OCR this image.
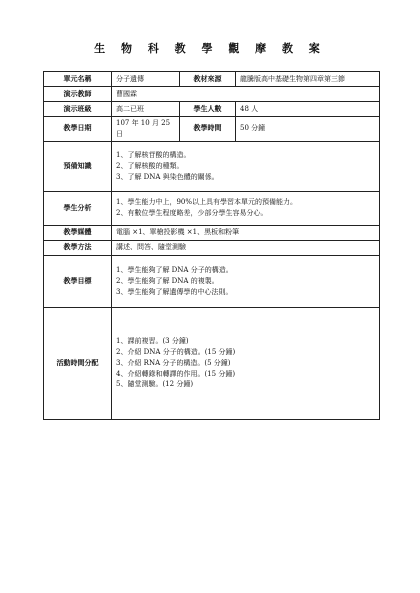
生 物 科 教 學 觀 摩 教 案
單元名稱	分子遺傳	教材來源	龍騰版高中基礎生物第四章第三節
演示教師	曹國霖		
演示班級	高二已班	學生人數	48 人
教學日期	107 年 10 月 25 日	教學時間	50 分鐘
預備知識	1、了解核苷酸的構造。
2、了解核酸的種類。
3、了解 DNA 與染色體的關係。		

學生分析	1、學生能力中上，90%以上具有學習本單元的預備能力。
2、有數位學生程度略差，少部分學生容易分心。		

教學媒體	電腦 ×1、單槍投影機 ×1、黑板和粉筆		
教學方法	講述、問答、隨堂測驗		
教學目標	1、學生能夠了解 DNA 分子的構造。
2、學生能夠了解 DNA 的複製。
3、學生能夠了解遺傳學的中心法則。		

活動時間分配	1、課前複習。(3 分鐘)
2、介紹 DNA 分子的構造。(15 分鐘)
3、介紹 RNA 分子的構造。(5 分鐘)
4、介紹轉錄和轉譯的作用。(15 分鐘)
5、隨堂測驗。(12 分鐘)		
